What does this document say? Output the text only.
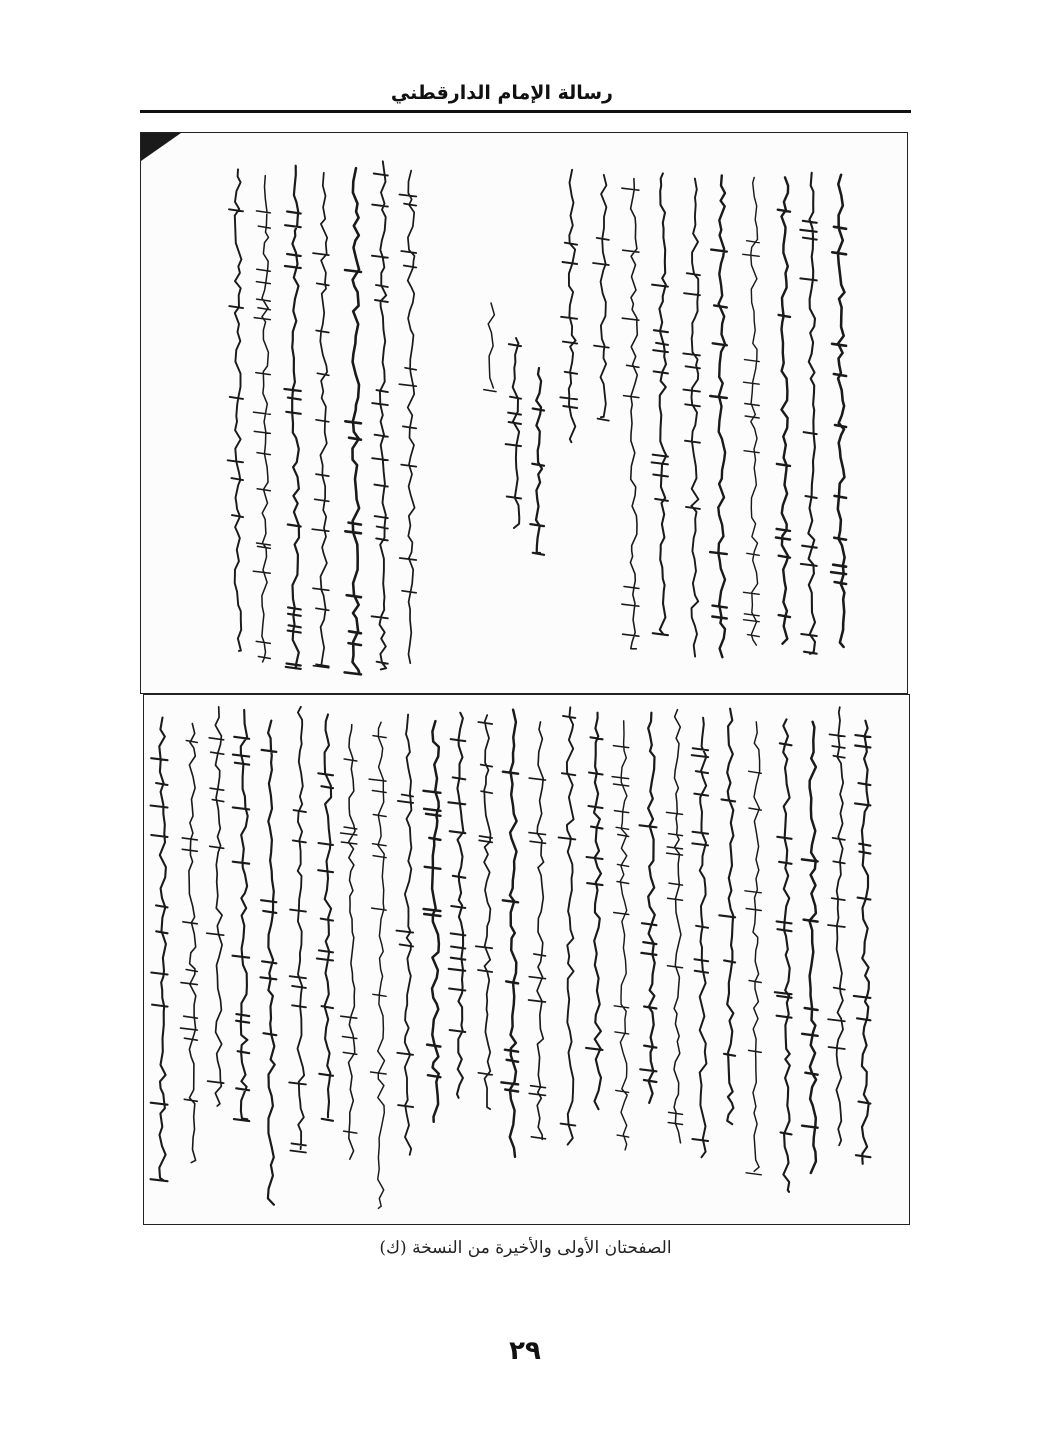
رسالة الإمام الدارقطني
الصفحتان الأولى والأخيرة من النسخة (ك)
٢٩
